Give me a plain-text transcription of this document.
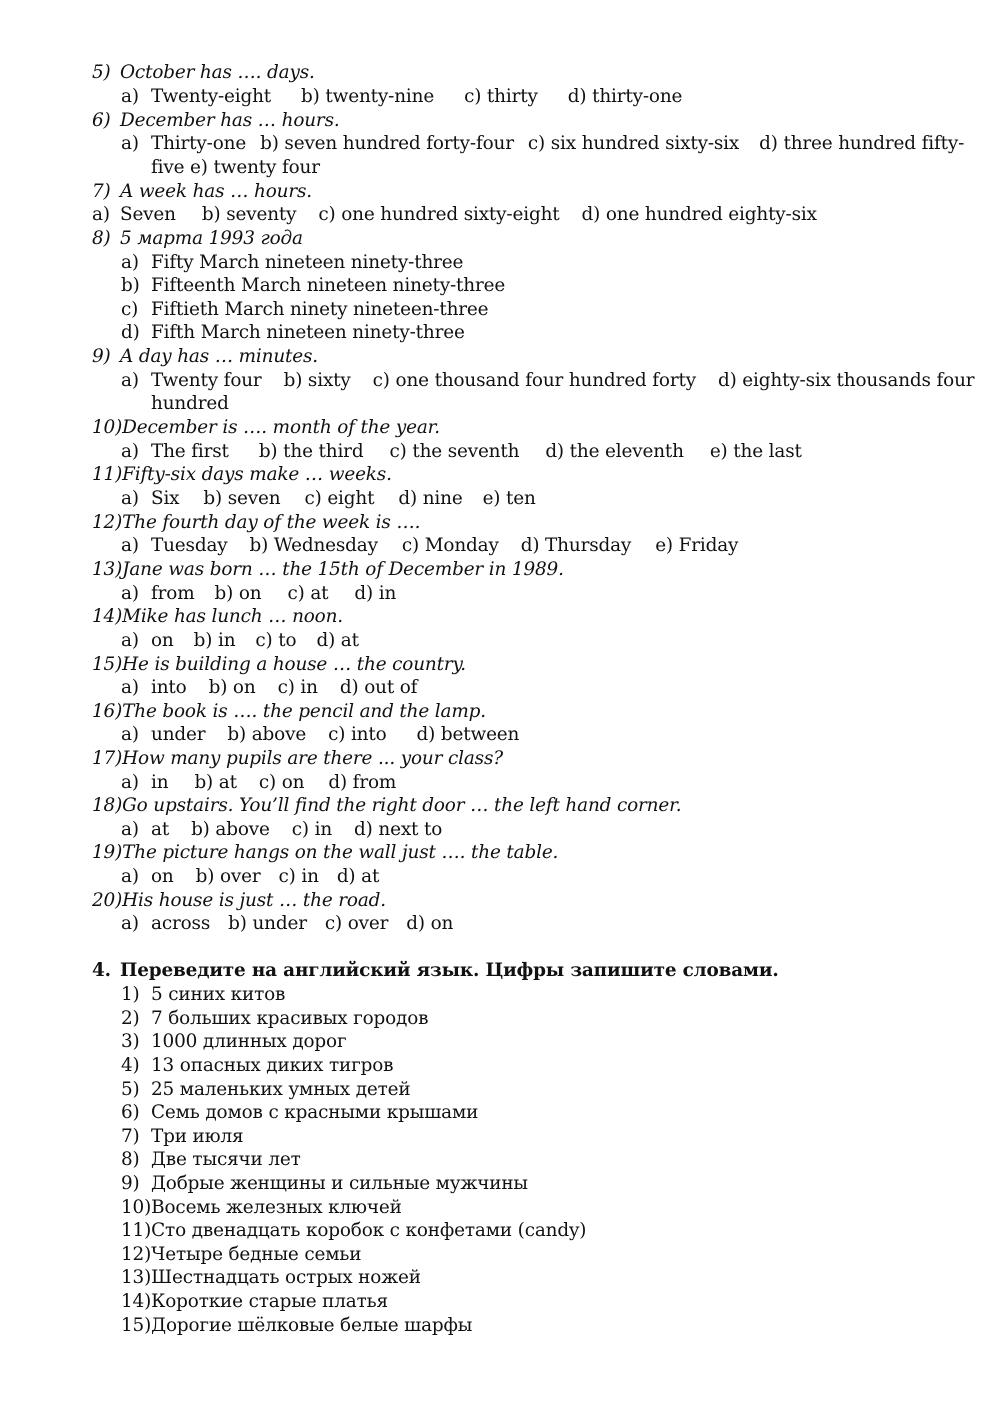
5) October has …. days.
a) Twenty-eight b) twenty-nine c) thirty d) thirty-one
6) December has … hours.
a) Thirty-one b) seven hundred forty-four c) six hundred sixty-six d) three hundred fifty-
five e) twenty four
7) A week has … hours.
a) Seven b) seventy c) one hundred sixty-eight d) one hundred eighty-six
8) 5 марта 1993 года
a) Fifty March nineteen ninety-three
b) Fifteenth March nineteen ninety-three
c) Fiftieth March ninety nineteen-three
d) Fifth March nineteen ninety-three
9) A day has … minutes.
a) Twenty four b) sixty c) one thousand four hundred forty d) eighty-six thousands four
hundred
10)December is …. month of the year.
a) The first b) the third c) the seventh d) the eleventh e) the last
11)Fifty-six days make … weeks.
a) Six b) seven c) eight d) nine e) ten
12)The fourth day of the week is ….
a) Tuesday b) Wednesday c) Monday d) Thursday e) Friday
13)Jane was born … the 15th of December in 1989.
a) from b) on c) at d) in
14)Mike has lunch … noon.
a) on b) in c) to d) at
15)He is building a house … the country.
a) into b) on c) in d) out of
16)The book is …. the pencil and the lamp.
a) under b) above c) into d) between
17)How many pupils are there ... your class?
a) in b) at c) on d) from
18)Go upstairs. You’ll find the right door … the left hand corner.
a) at b) above c) in d) next to
19)The picture hangs on the wall just …. the table.
a) on b) over c) in d) at
20)His house is just … the road.
a) across b) under c) over d) on
4. Переведите на английский язык. Цифры запишите словами.
1) 5 синих китов
2) 7 больших красивых городов
3) 1000 длинных дорог
4) 13 опасных диких тигров
5) 25 маленьких умных детей
6) Семь домов с красными крышами
7) Три июля
8) Две тысячи лет
9) Добрые женщины и сильные мужчины
10)Восемь железных ключей
11)Сто двенадцать коробок с конфетами (candy)
12)Четыре бедные семьи
13)Шестнадцать острых ножей
14)Короткие старые платья
15)Дорогие шёлковые белые шарфы
